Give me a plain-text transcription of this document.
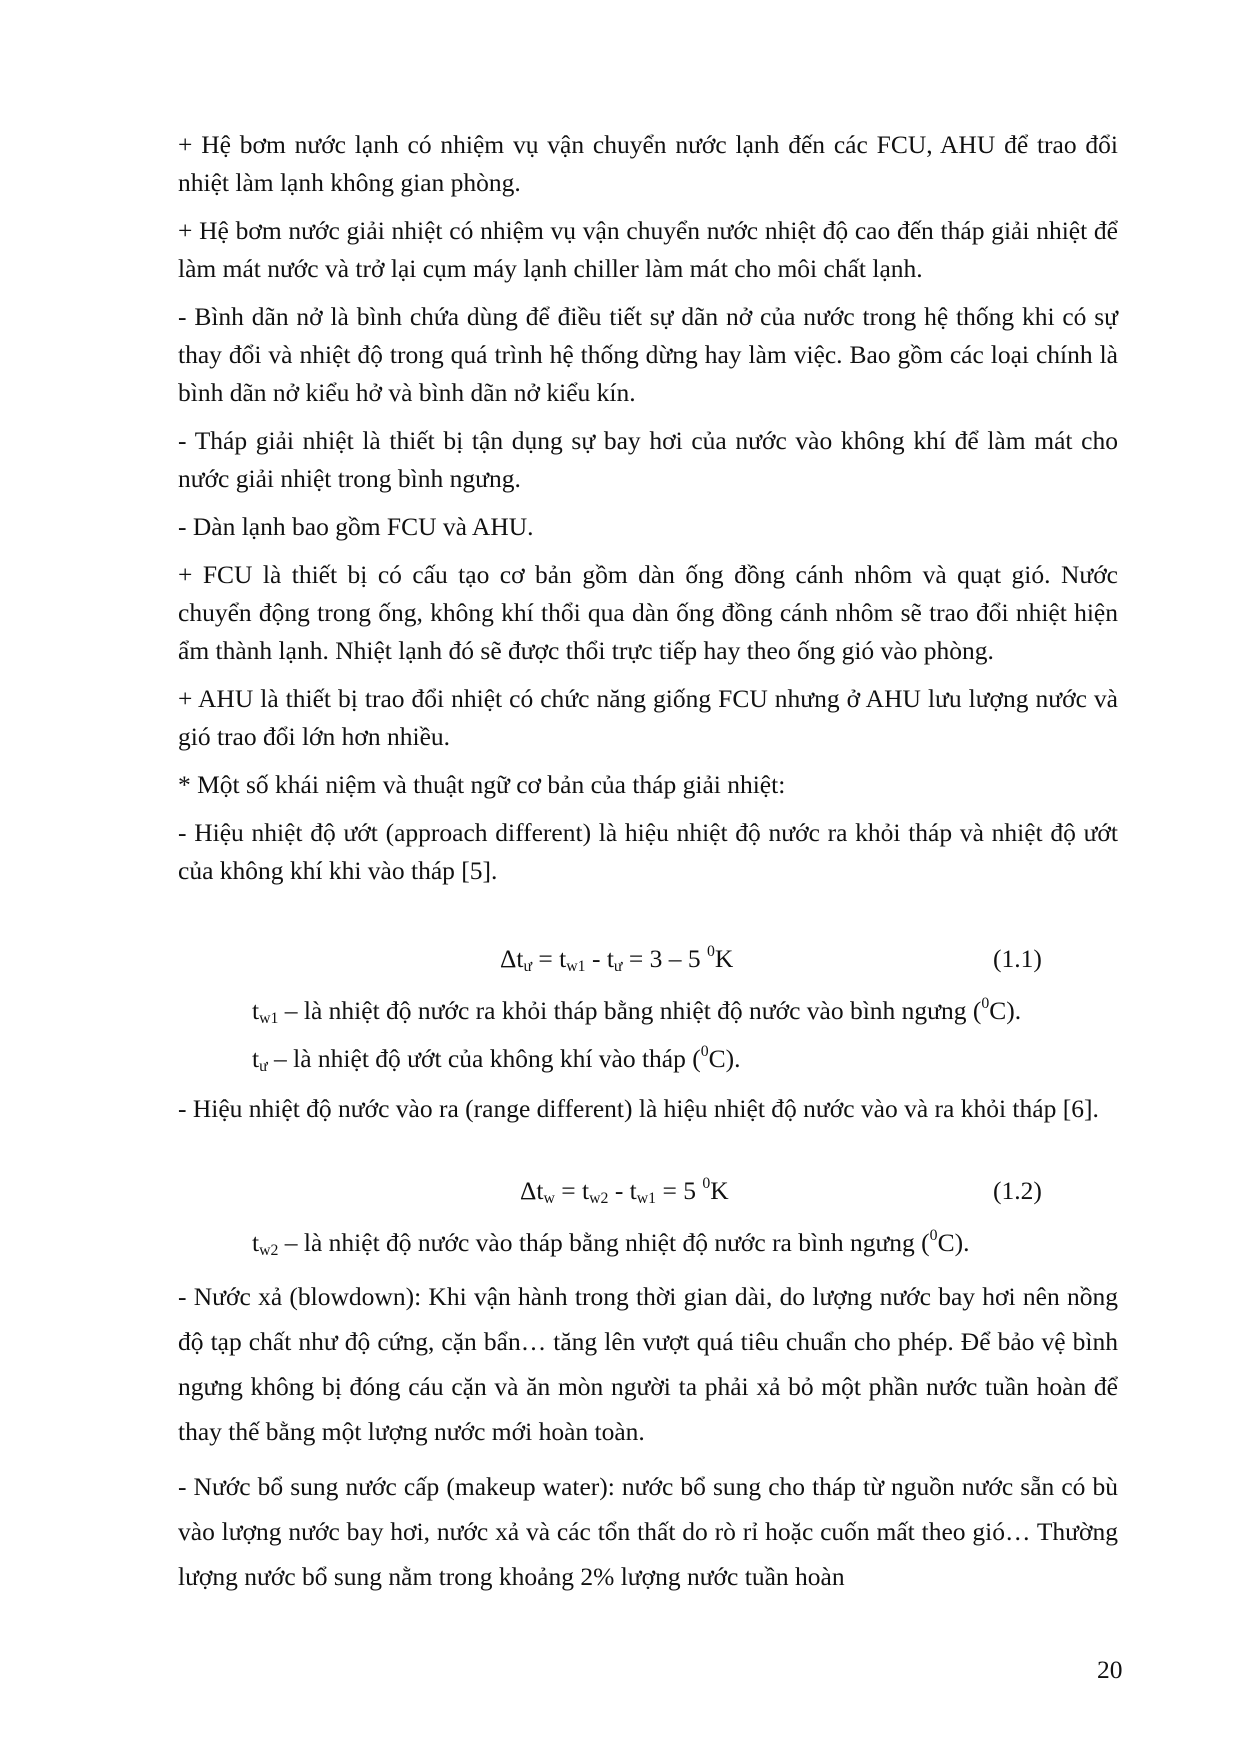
+ Hệ bơm nước lạnh có nhiệm vụ vận chuyển nước lạnh đến các FCU, AHU để trao đổi nhiệt làm lạnh không gian phòng.

+ Hệ bơm nước giải nhiệt có nhiệm vụ vận chuyển nước nhiệt độ cao đến tháp giải nhiệt để làm mát nước và trở lại cụm máy lạnh chiller làm mát cho môi chất lạnh.

- Bình dãn nở là bình chứa dùng để điều tiết sự dãn nở của nước trong hệ thống khi có sự thay đổi và nhiệt độ trong quá trình hệ thống dừng hay làm việc. Bao gồm các loại chính là bình dãn nở kiểu hở và bình dãn nở kiểu kín.

- Tháp giải nhiệt là thiết bị tận dụng sự bay hơi của nước vào không khí để làm mát cho nước giải nhiệt trong bình ngưng.

- Dàn lạnh bao gồm FCU và AHU.

+ FCU là thiết bị có cấu tạo cơ bản gồm dàn ống đồng cánh nhôm và quạt gió. Nước chuyển động trong ống, không khí thổi qua dàn ống đồng cánh nhôm sẽ trao đổi nhiệt hiện ẩm thành lạnh. Nhiệt lạnh đó sẽ được thổi trực tiếp hay theo ống gió vào phòng.

+ AHU là thiết bị trao đổi nhiệt có chức năng giống FCU nhưng ở AHU lưu lượng nước và gió trao đổi lớn hơn nhiều.

* Một số khái niệm và thuật ngữ cơ bản của tháp giải nhiệt:

- Hiệu nhiệt độ ướt (approach different) là hiệu nhiệt độ nước ra khỏi tháp và nhiệt độ ướt của không khí khi vào tháp [5].

$\Delta t_ư = t_{w1} - t_ư = 3 - 5$ $^0$K	(1.1)
$t_{w1}$ – là nhiệt độ nước ra khỏi tháp bằng nhiệt độ nước vào bình ngưng ($^0$C).
$t_ư$ – là nhiệt độ ướt của không khí vào tháp ($^0$C).

- Hiệu nhiệt độ nước vào ra (range different) là hiệu nhiệt độ nước vào và ra khỏi tháp [6].

$\Delta t_w = t_{w2} - t_{w1} = 5$ $^0$K	(1.2)
$t_{w2}$ – là nhiệt độ nước vào tháp bằng nhiệt độ nước ra bình ngưng ($^0$C).

- Nước xả (blowdown): Khi vận hành trong thời gian dài, do lượng nước bay hơi nên nồng độ tạp chất như độ cứng, cặn bẩn… tăng lên vượt quá tiêu chuẩn cho phép. Để bảo vệ bình ngưng không bị đóng cáu cặn và ăn mòn người ta phải xả bỏ một phần nước tuần hoàn để thay thế bằng một lượng nước mới hoàn toàn.

- Nước bổ sung nước cấp (makeup water): nước bổ sung cho tháp từ nguồn nước sẵn có bù vào lượng nước bay hơi, nước xả và các tổn thất do rò rỉ hoặc cuốn mất theo gió… Thường lượng nước bổ sung nằm trong khoảng 2% lượng nước tuần hoàn

20
